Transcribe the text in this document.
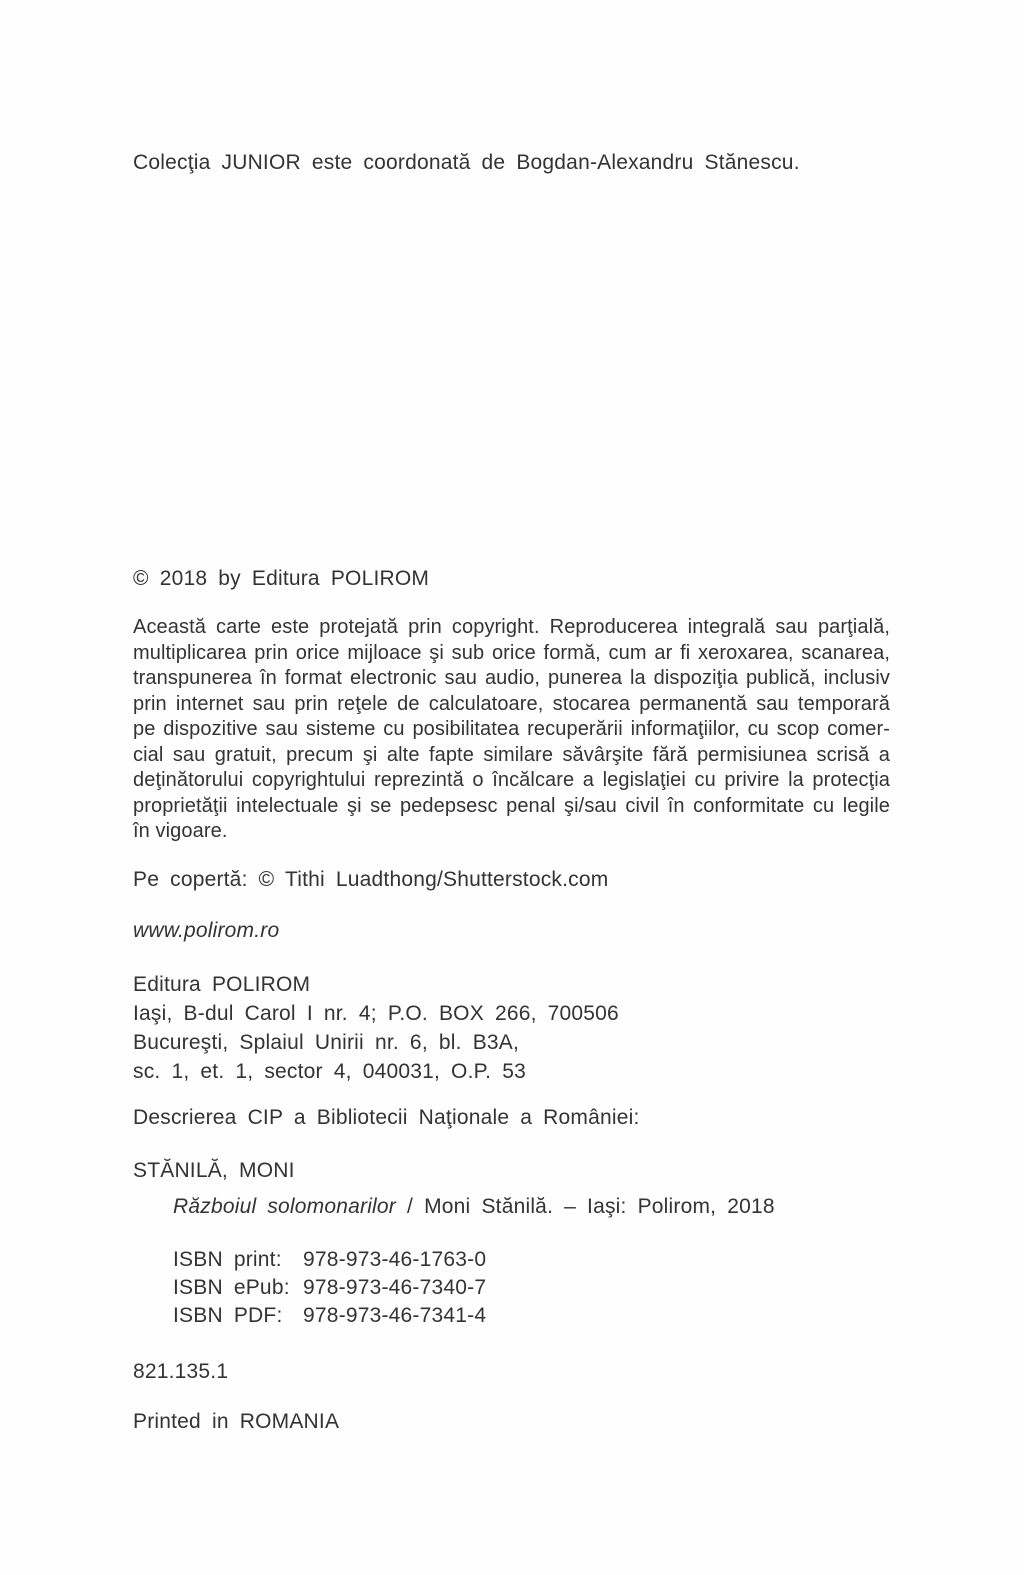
Colecţia JUNIOR este coordonată de Bogdan-Alexandru Stănescu.
© 2018 by Editura POLIROM
Această carte este protejată prin copyright. Reproducerea integrală sau parţială,
multiplicarea prin orice mijloace şi sub orice formă, cum ar fi xeroxarea, scanarea,
transpunerea în format electronic sau audio, punerea la dispoziţia publică, inclusiv
prin internet sau prin reţele de calculatoare, stocarea permanentă sau temporară
pe dispozitive sau sisteme cu posibilitatea recuperării informaţiilor, cu scop comer-
cial sau gratuit, precum şi alte fapte similare săvârşite fără permisiunea scrisă a
deţinătorului copyrightului reprezintă o încălcare a legislaţiei cu privire la protecţia
proprietăţii intelectuale şi se pedepsesc penal şi/sau civil în conformitate cu legile
în vigoare.
Pe copertă: © Tithi Luadthong/Shutterstock.com
www.polirom.ro
Editura POLIROM
Iaşi, B-dul Carol I nr. 4; P.O. BOX 266, 700506
Bucureşti, Splaiul Unirii nr. 6, bl. B3A,
sc. 1, et. 1, sector 4, 040031, O.P. 53
Descrierea CIP a Bibliotecii Naţionale a României:
STĂNILĂ, MONI
Războiul solomonarilor / Moni Stănilă. – Iaşi: Polirom, 2018
ISBN print:	978-973-46-1763-0
ISBN ePub: 978-973-46-7340-7
ISBN PDF: 978-973-46-7341-4
821.135.1
Printed in ROMANIA
